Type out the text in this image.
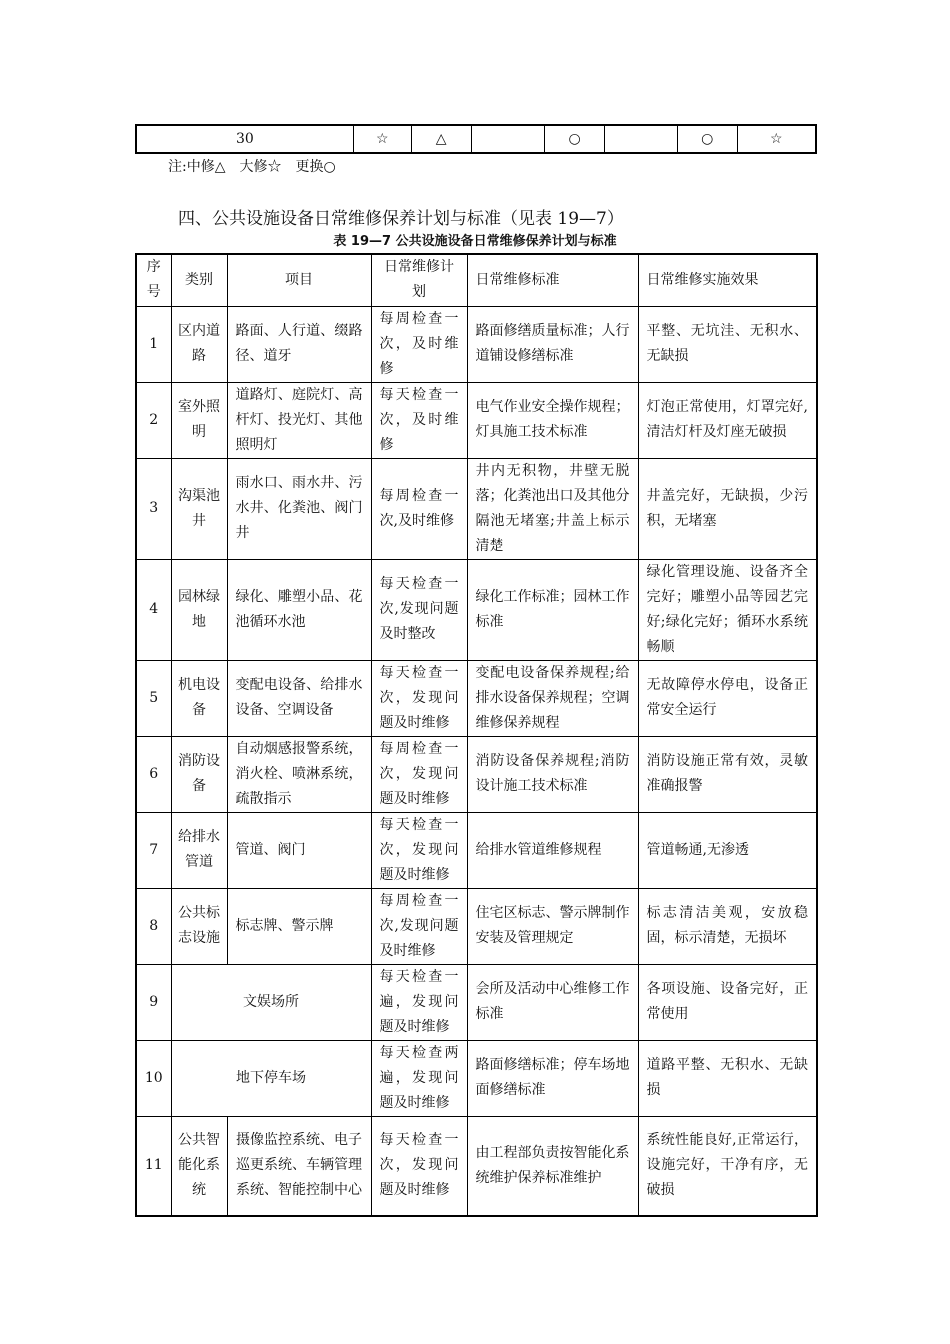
30	☆	△		○		○	☆
注:中修△　大修☆　更换○
四、公共设施设备日常维修保养计划与标准（见表 19—7）
表 19—7 公共设施设备日常维修保养计划与标准
序号	类别	项目	日常维修计划	日常维修标准	日常维修实施效果
1	区内道路	路面、人行道、缀路径、道牙	每周检查一次，及时维修	路面修缮质量标准；人行道铺设修缮标准	平整、无坑洼、无积水、无缺损
2	室外照明	道路灯、庭院灯、高杆灯、投光灯、其他照明灯	每天检查一次，及时维修	电气作业安全操作规程；灯具施工技术标准	灯泡正常使用，灯罩完好,清洁灯杆及灯座无破损
3	沟渠池井	雨水口、雨水井、污水井、化粪池、阀门井	每周检查一次,及时维修	井内无积物，井壁无脱落；化粪池出口及其他分隔池无堵塞;井盖上标示清楚	井盖完好，无缺损，少污积，无堵塞
4	园林绿地	绿化、雕塑小品、花池循环水池	每天检查一次,发现问题及时整改	绿化工作标准；园林工作标准	绿化管理设施、设备齐全完好；雕塑小品等园艺完好;绿化完好；循环水系统畅顺
5	机电设备	变配电设备、给排水设备、空调设备	每天检查一次，发现问题及时维修	变配电设备保养规程;给排水设备保养规程；空调维修保养规程	无故障停水停电，设备正常安全运行
6	消防设备	自动烟感报警系统，消火栓、喷淋系统，疏散指示	每周检查一次，发现问题及时维修	消防设备保养规程;消防设计施工技术标准	消防设施正常有效，灵敏准确报警
7	给排水管道	管道、阀门	每天检查一次，发现问题及时维修	给排水管道维修规程	管道畅通,无渗透
8	公共标志设施	标志牌、警示牌	每周检查一次,发现问题及时维修	住宅区标志、警示牌制作安装及管理规定	标志清洁美观，安放稳固，标示清楚，无损坏
9	文娱场所		每天检查一遍，发现问题及时维修	会所及活动中心维修工作标准	各项设施、设备完好，正常使用
10	地下停车场		每天检查两遍，发现问题及时维修	路面修缮标准；停车场地面修缮标准	道路平整、无积水、无缺损
11	公共智能化系统	摄像监控系统、电子巡更系统、车辆管理系统、智能控制中心	每天检查一次，发现问题及时维修	由工程部负责按智能化系统维护保养标准维护	系统性能良好,正常运行，设施完好，干净有序，无破损
